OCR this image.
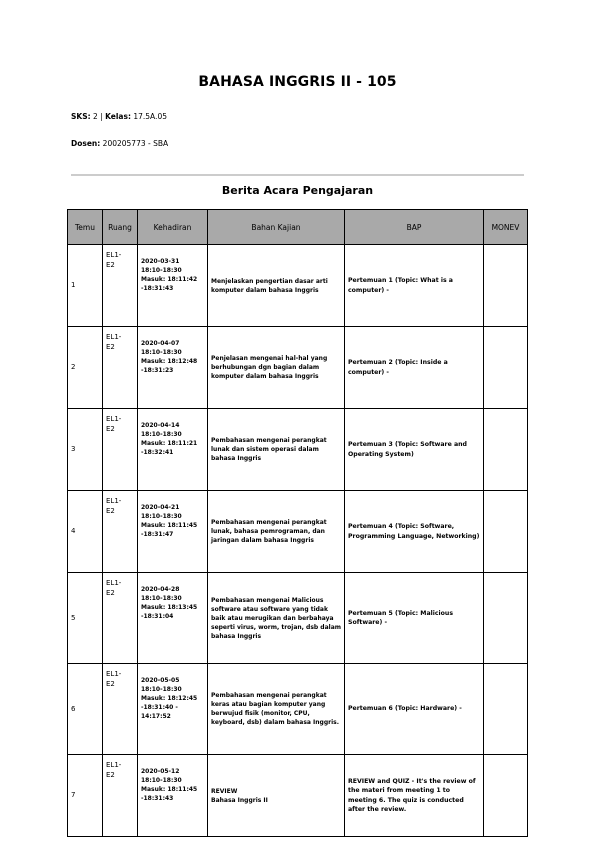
BAHASA INGGRIS II - 105
SKS: 2 | Kelas: 17.5A.05
Dosen: 200205773 - SBA
Berita Acara Pengajaran
Temu	Ruang	Kehadiran	Bahan Kajian	BAP	MONEV
1	EL1-
E2	2020-03-31
18:10-18:30
Masuk: 18:11:42
-18:31:43	Menjelaskan pengertian dasar arti komputer dalam bahasa Inggris	Pertemuan 1 (Topic: What is a computer) -	
2	EL1-
E2	2020-04-07
18:10-18:30
Masuk: 18:12:48
-18:31:23	Penjelasan mengenai hal-hal yang berhubungan dgn bagian dalam komputer dalam bahasa Inggris	Pertemuan 2 (Topic: Inside a computer) -	
3	EL1-
E2	2020-04-14
18:10-18:30
Masuk: 18:11:21
-18:32:41	Pembahasan mengenai perangkat lunak dan sistem operasi dalam bahasa Inggris	Pertemuan 3 (Topic: Software and Operating System)	
4	EL1-
E2	2020-04-21
18:10-18:30
Masuk: 18:11:45
-18:31:47	Pembahasan mengenai perangkat lunak, bahasa pemrograman, dan jaringan dalam bahasa Inggris	Pertemuan 4 (Topic: Software, Programming Language, Networking)	
5	EL1-
E2	2020-04-28
18:10-18:30
Masuk: 18:13:45
-18:31:04	Pembahasan mengenai Malicious software atau software yang tidak baik atau merugikan dan berbahaya seperti virus, worm, trojan, dsb dalam bahasa Inggris	Pertemuan 5 (Topic: Malicious Software) -	
6	EL1-
E2	2020-05-05
18:10-18:30
Masuk: 18:12:45
-18:31:40 -
14:17:52	Pembahasan mengenai perangkat keras atau bagian komputer yang berwujud fisik (monitor, CPU, keyboard, dsb) dalam bahasa Inggris.	Pertemuan 6 (Topic: Hardware) -	
7	EL1-
E2	2020-05-12
18:10-18:30
Masuk: 18:11:45
-18:31:43	REVIEW
Bahasa Inggris II	REVIEW and QUIZ - It's the review of the materi from meeting 1 to meeting 6. The quiz is conducted after the review.	
